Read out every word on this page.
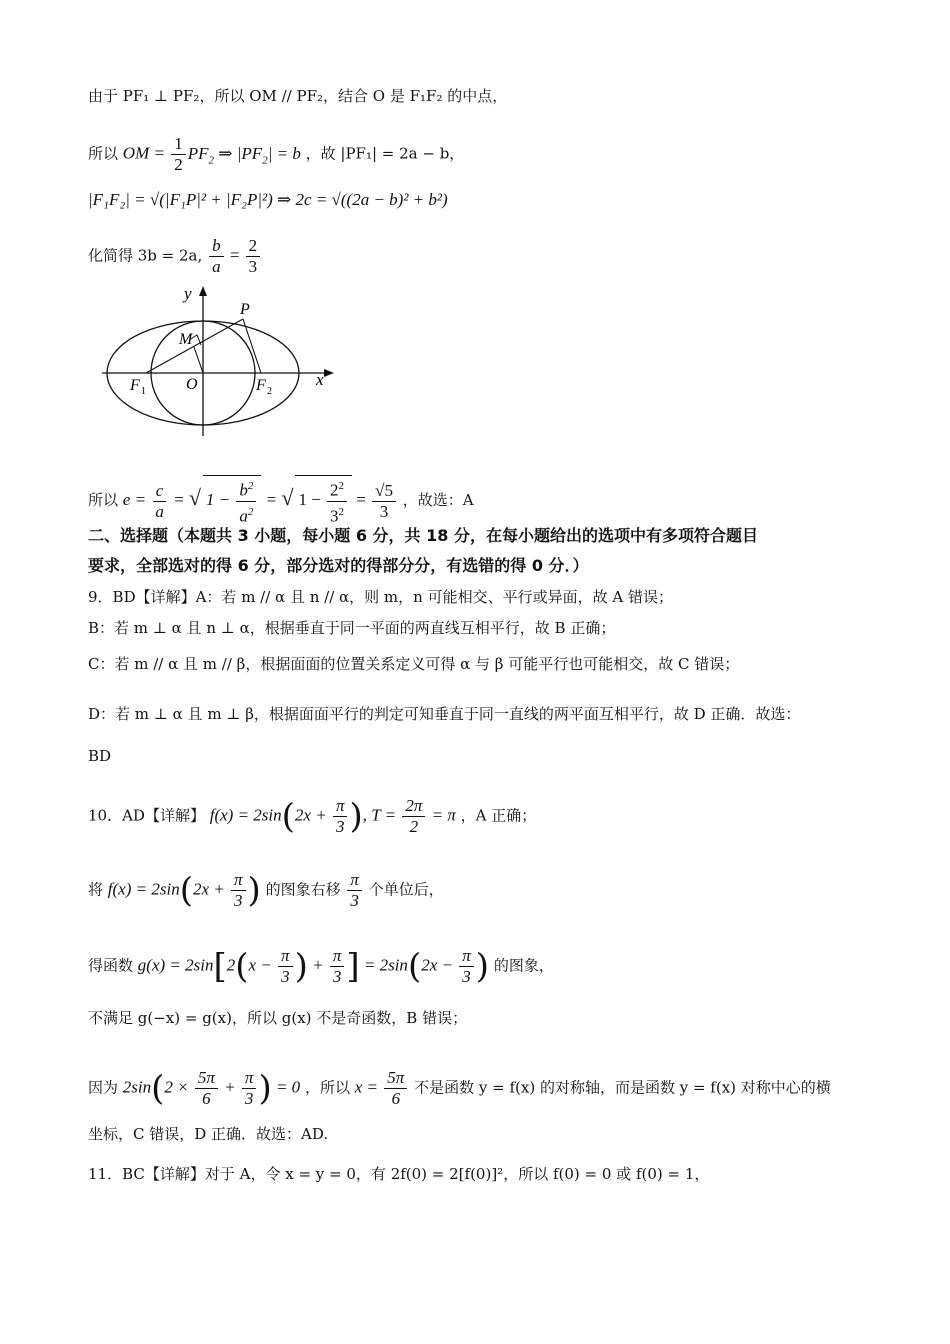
由于 PF₁ ⊥ PF₂，所以 OM // PF₂，结合 O 是 F₁F₂ 的中点，
所以 OM = $\frac{1}{2} PF_2$ ⇒ $|PF_2| = b$ ，故 |PF₁| = 2a − b，
|F₁F₂| = √(|F₁P|² + |F₂P|²) ⇒ 2c = √((2a − b)² + b²)
化简得 3b = 2a, $\frac{b}{a} = \frac{2}{3}$
y
P
M
F 1	O	F 2
x
所以 $e = \frac{c}{a}$ = √ $1 - \frac{b^2}{a^2}$ = √ $1 - \frac{2^2}{3^2} = \frac{√5}{3}$ ，故选：A
二、选择题（本题共 3 小题，每小题 6 分，共 18 分，在每小题给出的选项中有多项符合题目
要求，全部选对的得 6 分，部分选对的得部分分，有选错的得 0 分．）
9．BD【详解】A：若 m // α 且 n // α，则 m，n 可能相交、平行或异面，故 A 错误；
B：若 m ⊥ α 且 n ⊥ α，根据垂直于同一平面的两直线互相平行，故 B 正确；
C：若 m // α 且 m // β，根据面面的位置关系定义可得 α 与 β 可能平行也可能相交，故 C 错误；
D：若 m ⊥ α 且 m ⊥ β，根据面面平行的判定可知垂直于同一直线的两平面互相平行，故 D 正确．故选：
BD
10．AD【详解】 $f(x) = 2\sin(2x + \frac{\pi}{3}$ ), $T = \frac{2\pi}{2} = \pi$ ，A 正确；
将 $f(x) = 2\sin(2x + \frac{\pi}{3}$ ) 的图象右移 $\frac{\pi}{3}$ 个单位后，
得函数 $g(x) = 2\sin[2(x - \frac{\pi}{3}$ ) + $\frac{\pi}{3}$ ] = $2\sin(2x - \frac{\pi}{3}$ ) 的图象，
不满足 g(−x) = g(x)，所以 g(x) 不是奇函数，B 错误；
因为 $2\sin(2 \times \frac{5\pi}{6} + \frac{\pi}{3}$ ) = 0 ，所以 $x = \frac{5\pi}{6}$ 不是函数 y = f(x) 的对称轴，而是函数 y = f(x) 对称中心的横
坐标，C 错误，D 正确．故选：AD.
11．BC【详解】对于 A，令 x = y = 0，有 2f(0) = 2[f(0)]²，所以 f(0) = 0 或 f(0) = 1，
